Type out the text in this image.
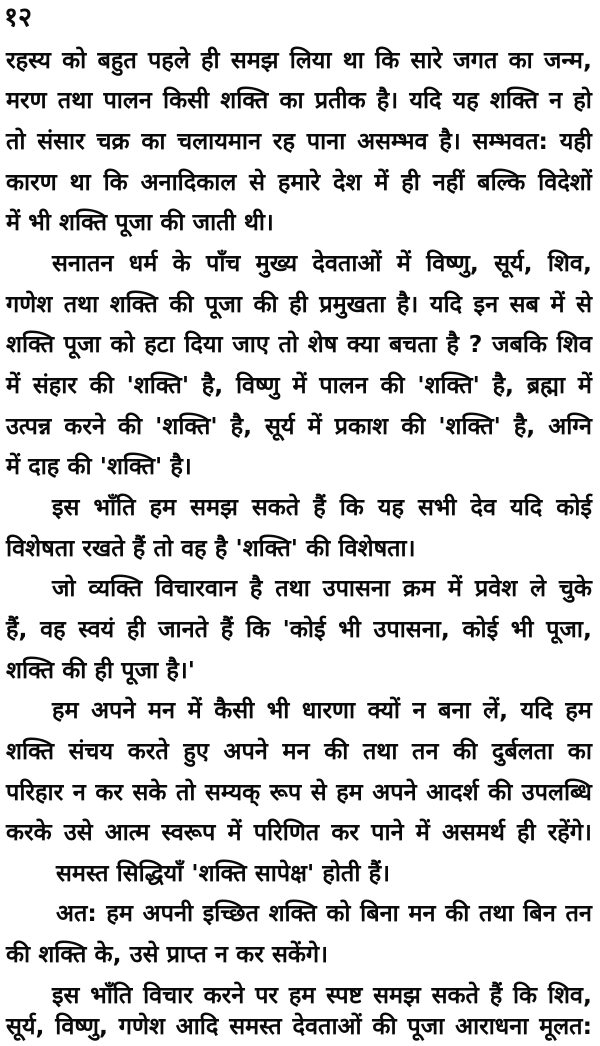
१२
रहस्य को बहुत पहले ही समझ लिया था कि सारे जगत का जन्म,
मरण तथा पालन किसी शक्ति का प्रतीक है। यदि यह शक्ति न हो
तो संसार चक्र का चलायमान रह पाना असम्भव है। सम्भवत: यही
कारण था कि अनादिकाल से हमारे देश में ही नहीं बल्कि विदेशों
में भी शक्ति पूजा की जाती थी।
सनातन धर्म के पाँच मुख्य देवताओं में विष्णु, सूर्य, शिव,
गणेश तथा शक्ति की पूजा की ही प्रमुखता है। यदि इन सब में से
शक्ति पूजा को हटा दिया जाए तो शेष क्या बचता है ? जबकि शिव
में संहार की 'शक्ति' है, विष्णु में पालन की 'शक्ति' है, ब्रह्मा में
उत्पन्न करने की 'शक्ति' है, सूर्य में प्रकाश की 'शक्ति' है, अग्नि
में दाह की 'शक्ति' है।
इस भाँति हम समझ सकते हैं कि यह सभी देव यदि कोई
विशेषता रखते हैं तो वह है 'शक्ति' की विशेषता।
जो व्यक्ति विचारवान है तथा उपासना क्रम में प्रवेश ले चुके
हैं, वह स्वयं ही जानते हैं कि 'कोई भी उपासना, कोई भी पूजा,
शक्ति की ही पूजा है।'
हम अपने मन में कैसी भी धारणा क्यों न बना लें, यदि हम
शक्ति संचय करते हुए अपने मन की तथा तन की दुर्बलता का
परिहार न कर सके तो सम्यक् रूप से हम अपने आदर्श की उपलब्धि
करके उसे आत्म स्वरूप में परिणित कर पाने में असमर्थ ही रहेंगे।
समस्त सिद्धियाँ 'शक्ति सापेक्ष' होती हैं।
अत: हम अपनी इच्छित शक्ति को बिना मन की तथा बिन तन
की शक्ति के, उसे प्राप्त न कर सकेंगे।
इस भाँति विचार करने पर हम स्पष्ट समझ सकते हैं कि शिव,
सूर्य, विष्णु, गणेश आदि समस्त देवताओं की पूजा आराधना मूलत:
